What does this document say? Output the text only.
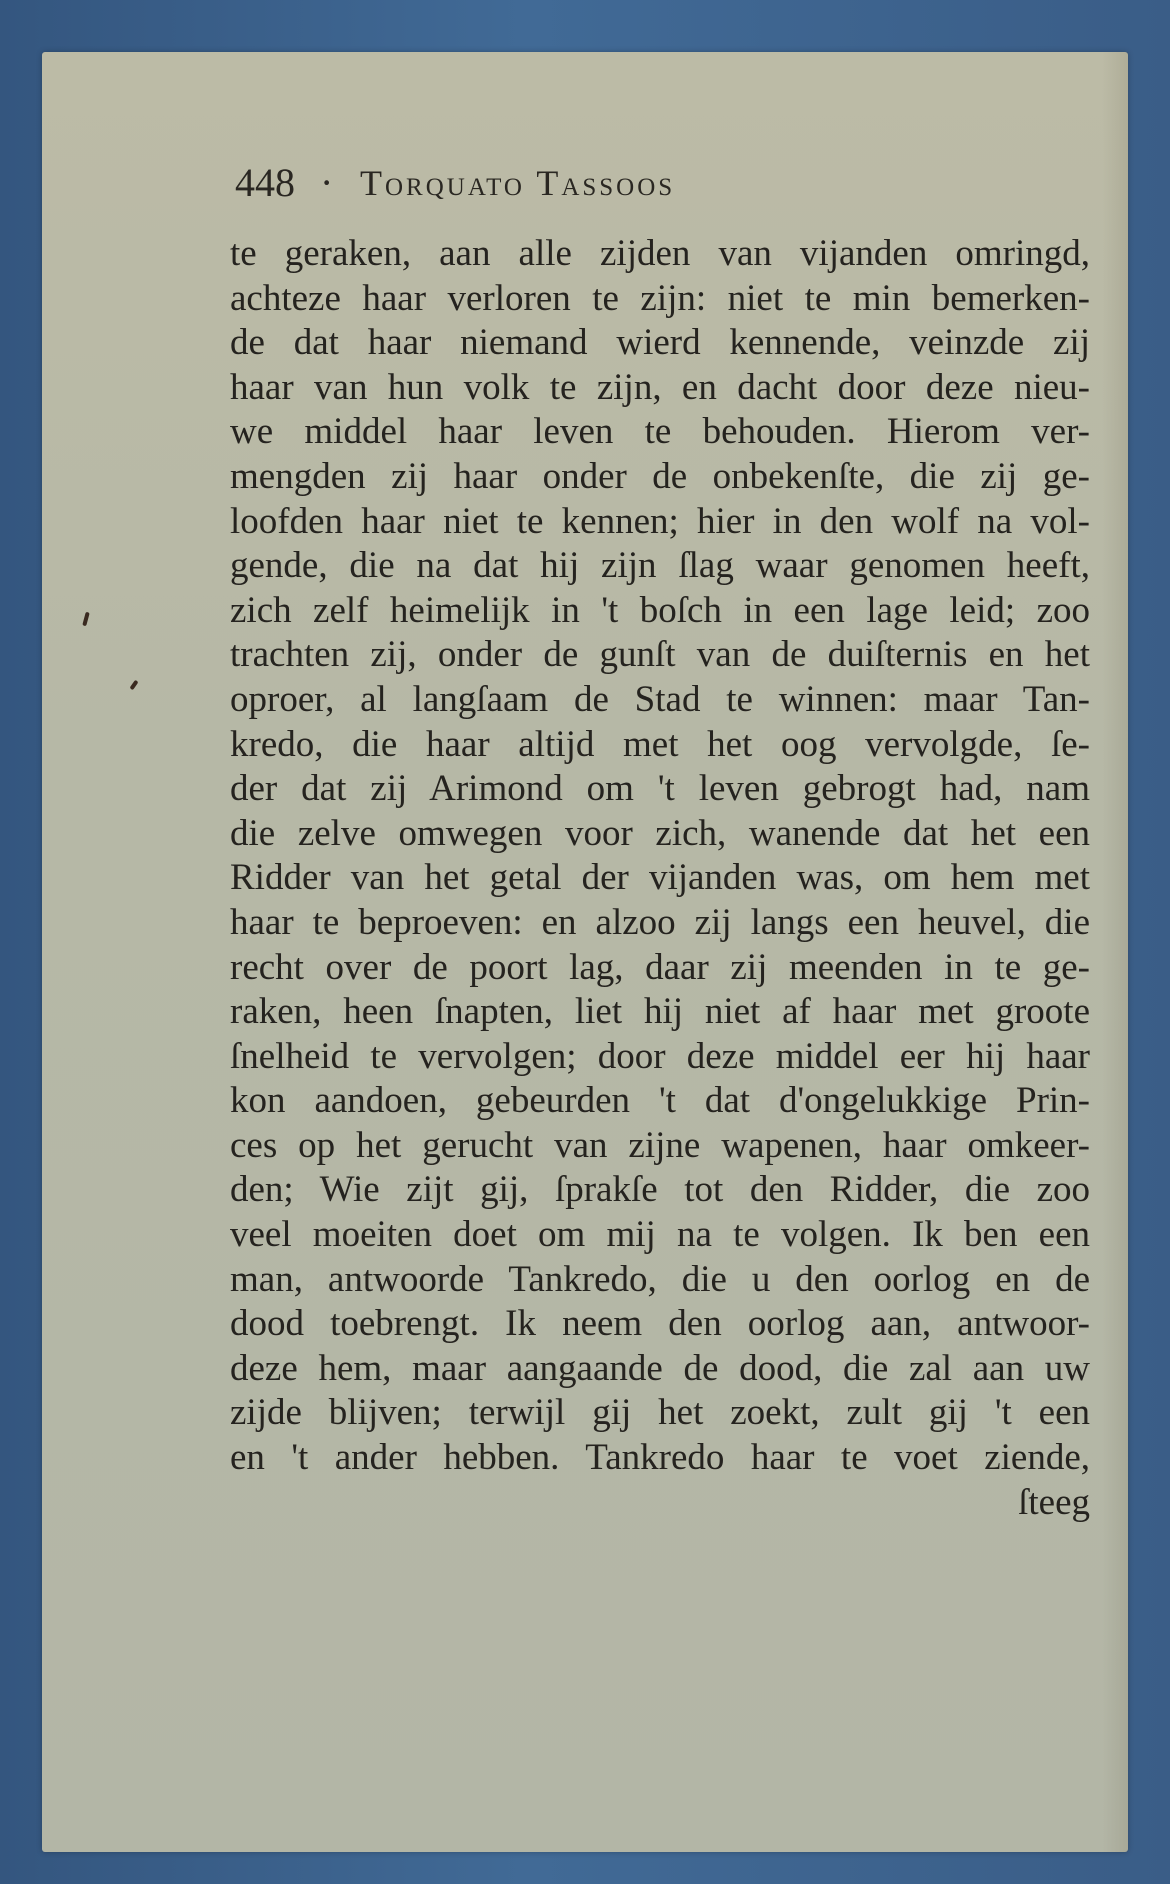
448 · Torquato Tassoos
te geraken, aan alle zijden van vijanden omringd,
achteze haar verloren te zijn: niet te min bemerken-
de dat haar niemand wierd kennende, veinzde zij
haar van hun volk te zijn, en dacht door deze nieu-
we middel haar leven te behouden. Hierom ver-
mengden zij haar onder de onbekenſte, die zij ge-
loofden haar niet te kennen; hier in den wolf na vol-
gende, die na dat hij zijn ſlag waar genomen heeft,
zich zelf heimelijk in 't boſch in een lage leid; zoo
trachten zij, onder de gunſt van de duiſternis en het
oproer, al langſaam de Stad te winnen: maar Tan-
kredo, die haar altijd met het oog vervolgde, ſe-
der dat zij Arimond om 't leven gebrogt had, nam
die zelve omwegen voor zich, wanende dat het een
Ridder van het getal der vijanden was, om hem met
haar te beproeven: en alzoo zij langs een heuvel, die
recht over de poort lag, daar zij meenden in te ge-
raken, heen ſnapten, liet hij niet af haar met groote
ſnelheid te vervolgen; door deze middel eer hij haar
kon aandoen, gebeurden 't dat d'ongelukkige Prin-
ces op het gerucht van zijne wapenen, haar omkeer-
den; Wie zijt gij, ſprakſe tot den Ridder, die zoo
veel moeiten doet om mij na te volgen. Ik ben een
man, antwoorde Tankredo, die u den oorlog en de
dood toebrengt. Ik neem den oorlog aan, antwoor-
deze hem, maar aangaande de dood, die zal aan uw
zijde blijven; terwijl gij het zoekt, zult gij 't een
en 't ander hebben. Tankredo haar te voet ziende,
ſteeg
